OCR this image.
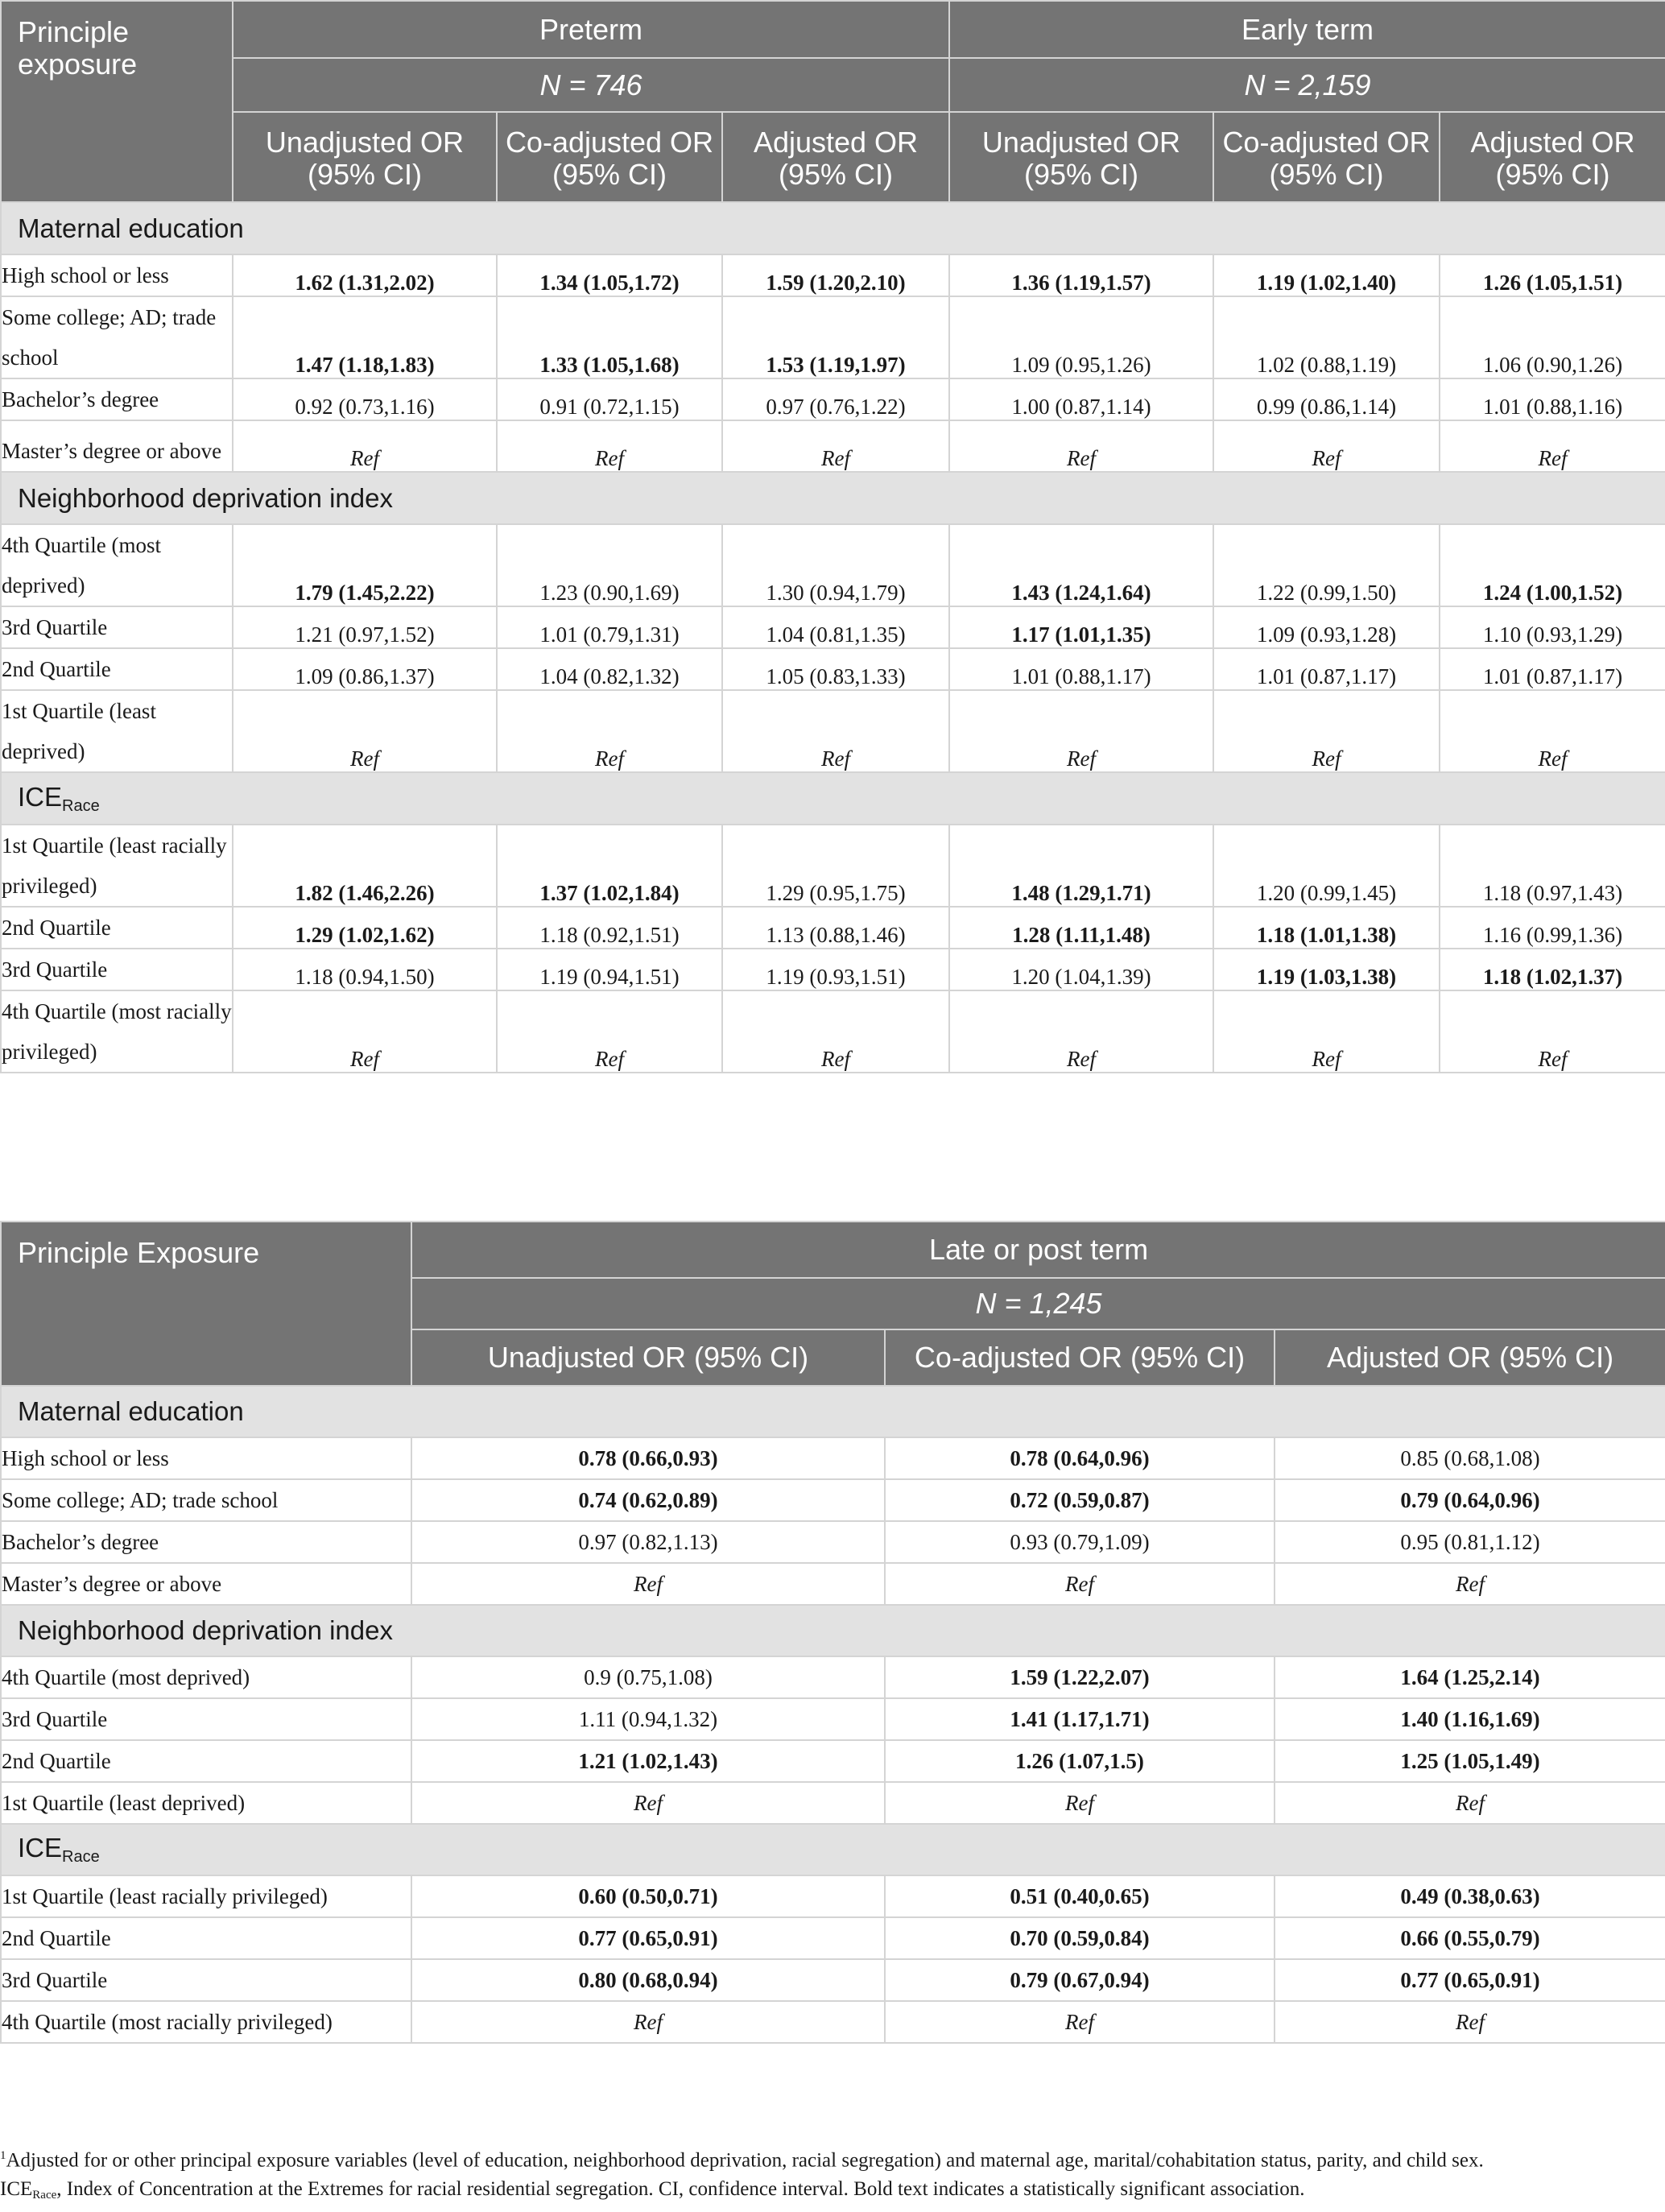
Principle exposure	Preterm			Early term		
	N = 746			N = 2,159		
	Unadjusted OR (95% CI)	Co-adjusted OR (95% CI)	Adjusted OR (95% CI)	Unadjusted OR (95% CI)	Co-adjusted OR (95% CI)	Adjusted OR (95% CI)
Maternal education						
High school or less	1.62 (1.31,2.02)	1.34 (1.05,1.72)	1.59 (1.20,2.10)	1.36 (1.19,1.57)	1.19 (1.02,1.40)	1.26 (1.05,1.51)
Some college; AD; trade school	1.47 (1.18,1.83)	1.33 (1.05,1.68)	1.53 (1.19,1.97)	1.09 (0.95,1.26)	1.02 (0.88,1.19)	1.06 (0.90,1.26)
Bachelor’s degree	0.92 (0.73,1.16)	0.91 (0.72,1.15)	0.97 (0.76,1.22)	1.00 (0.87,1.14)	0.99 (0.86,1.14)	1.01 (0.88,1.16)
Master’s degree or above	Ref	Ref	Ref	Ref	Ref	Ref
Neighborhood deprivation index						
4th Quartile (most deprived)	1.79 (1.45,2.22)	1.23 (0.90,1.69)	1.30 (0.94,1.79)	1.43 (1.24,1.64)	1.22 (0.99,1.50)	1.24 (1.00,1.52)
3rd Quartile	1.21 (0.97,1.52)	1.01 (0.79,1.31)	1.04 (0.81,1.35)	1.17 (1.01,1.35)	1.09 (0.93,1.28)	1.10 (0.93,1.29)
2nd Quartile	1.09 (0.86,1.37)	1.04 (0.82,1.32)	1.05 (0.83,1.33)	1.01 (0.88,1.17)	1.01 (0.87,1.17)	1.01 (0.87,1.17)
1st Quartile (least deprived)	Ref	Ref	Ref	Ref	Ref	Ref
$ICE_{Race}$
1st Quartile (least racially privileged)	1.82 (1.46,2.26)	1.37 (1.02,1.84)	1.29 (0.95,1.75)	1.48 (1.29,1.71)	1.20 (0.99,1.45)	1.18 (0.97,1.43)
2nd Quartile	1.29 (1.02,1.62)	1.18 (0.92,1.51)	1.13 (0.88,1.46)	1.28 (1.11,1.48)	1.18 (1.01,1.38)	1.16 (0.99,1.36)
3rd Quartile	1.18 (0.94,1.50)	1.19 (0.94,1.51)	1.19 (0.93,1.51)	1.20 (1.04,1.39)	1.19 (1.03,1.38)	1.18 (1.02,1.37)
4th Quartile (most racially privileged)	Ref	Ref	Ref	Ref	Ref	Ref
Principle Exposure	Late or post term		
	N = 1,245		
	Unadjusted OR (95% CI)	Co-adjusted OR (95% CI)	Adjusted OR (95% CI)
Maternal education			
High school or less	0.78 (0.66,0.93)	0.78 (0.64,0.96)	0.85 (0.68,1.08)
Some college; AD; trade school	0.74 (0.62,0.89)	0.72 (0.59,0.87)	0.79 (0.64,0.96)
Bachelor’s degree	0.97 (0.82,1.13)	0.93 (0.79,1.09)	0.95 (0.81,1.12)
Master’s degree or above	Ref	Ref	Ref
Neighborhood deprivation index			
4th Quartile (most deprived)	0.9 (0.75,1.08)	1.59 (1.22,2.07)	1.64 (1.25,2.14)
3rd Quartile	1.11 (0.94,1.32)	1.41 (1.17,1.71)	1.40 (1.16,1.69)
2nd Quartile	1.21 (1.02,1.43)	1.26 (1.07,1.5)	1.25 (1.05,1.49)
1st Quartile (least deprived)	Ref	Ref	Ref
$ICE_{Race}$
1st Quartile (least racially privileged)	0.60 (0.50,0.71)	0.51 (0.40,0.65)	0.49 (0.38,0.63)
2nd Quartile	0.77 (0.65,0.91)	0.70 (0.59,0.84)	0.66 (0.55,0.79)
3rd Quartile	0.80 (0.68,0.94)	0.79 (0.67,0.94)	0.77 (0.65,0.91)
4th Quartile (most racially privileged)	Ref	Ref	Ref
$^1$Adjusted for or other principal exposure variables (level of education, neighborhood deprivation, racial segregation) and maternal age, marital/cohabitation status, parity, and child sex.
$ICE_{Race}$, Index of Concentration at the Extremes for racial residential segregation. CI, confidence interval. Bold text indicates a statistically significant association.
